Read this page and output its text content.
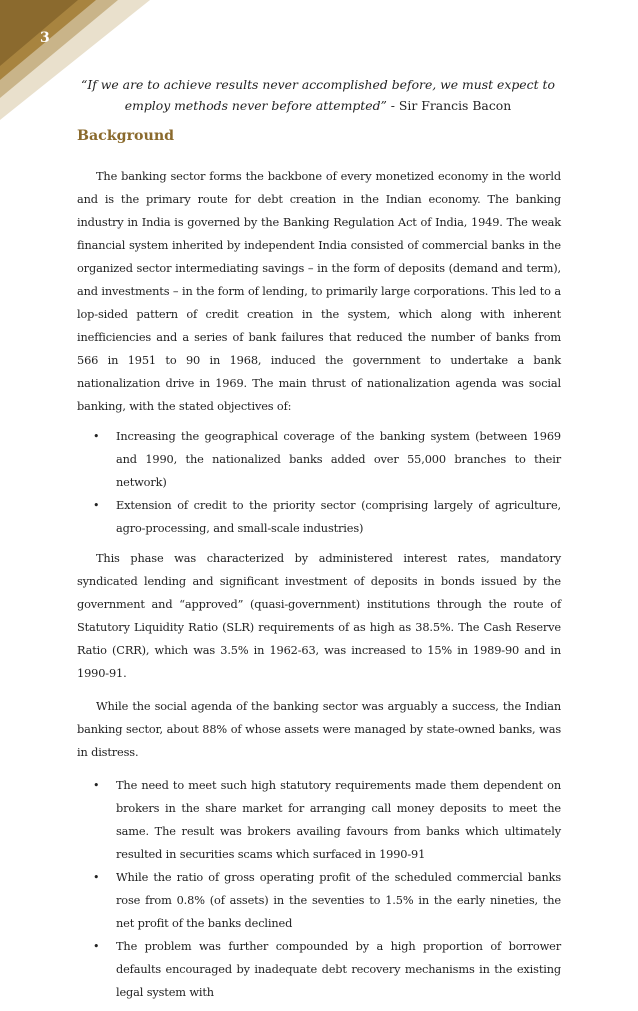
3
“If we are to achieve results never accomplished before, we must expect to employ methods never before attempted” - Sir Francis Bacon
Background

The banking sector forms the backbone of every monetized economy in the world and is the primary route for debt creation in the Indian economy. The banking industry in India is governed by the Banking Regulation Act of India, 1949. The weak financial system inherited by independent India consisted of commercial banks in the organized sector intermediating savings – in the form of deposits (demand and term), and investments – in the form of lending, to primarily large corporations. This led to a lop-sided pattern of credit creation in the system, which along with inherent inefficiencies and a series of bank failures that reduced the number of banks from 566 in 1951 to 90 in 1968, induced the government to undertake a bank nationalization drive in 1969. The main thrust of nationalization agenda was social banking, with the stated objectives of:

• Increasing the geographical coverage of the banking system (between 1969 and 1990, the nationalized banks added over 55,000 branches to their network)
• Extension of credit to the priority sector (comprising largely of agriculture, agro-processing, and small-scale industries)

This phase was characterized by administered interest rates, mandatory syndicated lending and significant investment of deposits in bonds issued by the government and “approved” (quasi-government) institutions through the route of Statutory Liquidity Ratio (SLR) requirements of as high as 38.5%. The Cash Reserve Ratio (CRR), which was 3.5% in 1962-63, was increased to 15% in 1989-90 and in 1990-91.

While the social agenda of the banking sector was arguably a success, the Indian banking sector, about 88% of whose assets were managed by state-owned banks, was in distress.

• The need to meet such high statutory requirements made them dependent on brokers in the share market for arranging call money deposits to meet the same. The result was brokers availing favours from banks which ultimately resulted in securities scams which surfaced in 1990-91
• While the ratio of gross operating profit of the scheduled commercial banks rose from 0.8% (of assets) in the seventies to 1.5% in the early nineties, the net profit of the banks declined
• The problem was further compounded by a high proportion of borrower defaults encouraged by inadequate debt recovery mechanisms in the existing legal system with
